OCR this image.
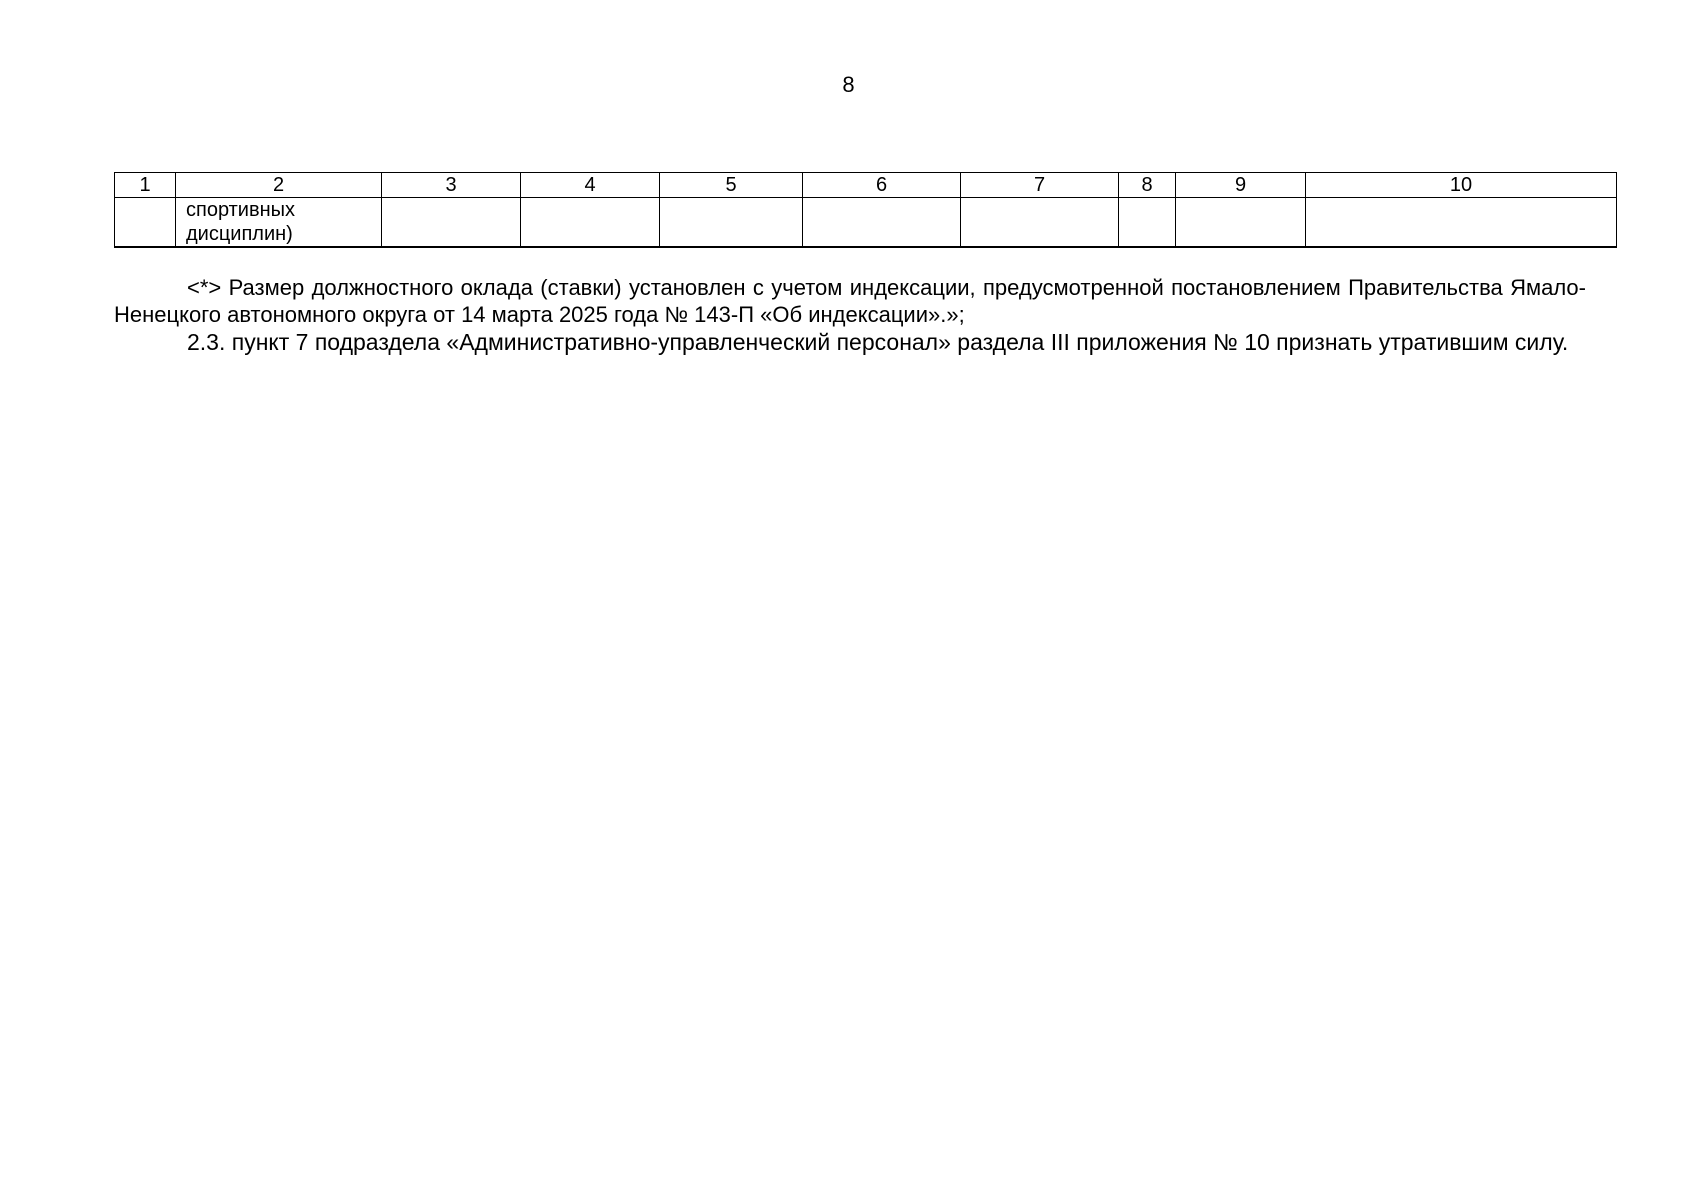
8
1	2	3	4	5	6	7	8	9	10

	спортивных дисциплин)								

<*> Размер должностного оклада (ставки) установлен с учетом индексации, предусмотренной постановлением Правительства Ямало-Ненецкого автономного округа от 14 марта 2025 года № 143-П «Об индексации».»;

2.3. пункт 7 подраздела «Административно-управленческий персонал» раздела III приложения № 10 признать утратившим силу.
